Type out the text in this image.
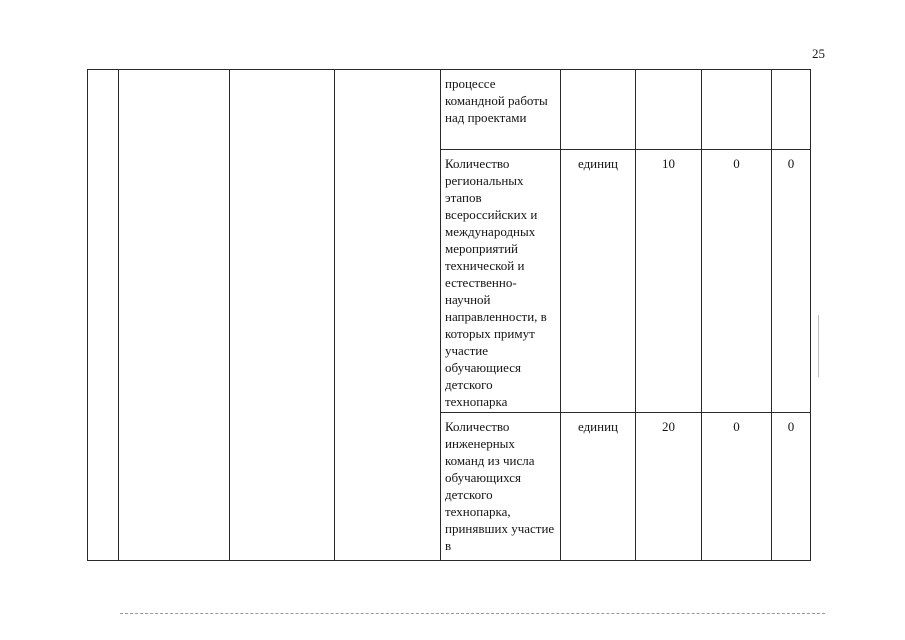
25
				процессе командной работы над проектами				
				Количество региональных этапов всероссийских и международных мероприятий технической и естественно-научной направленности, в которых примут участие обучающиеся детского технопарка	единиц	10	0	0
				Количество инженерных команд из числа обучающихся детского технопарка, принявших участие в	единиц	20	0	0
